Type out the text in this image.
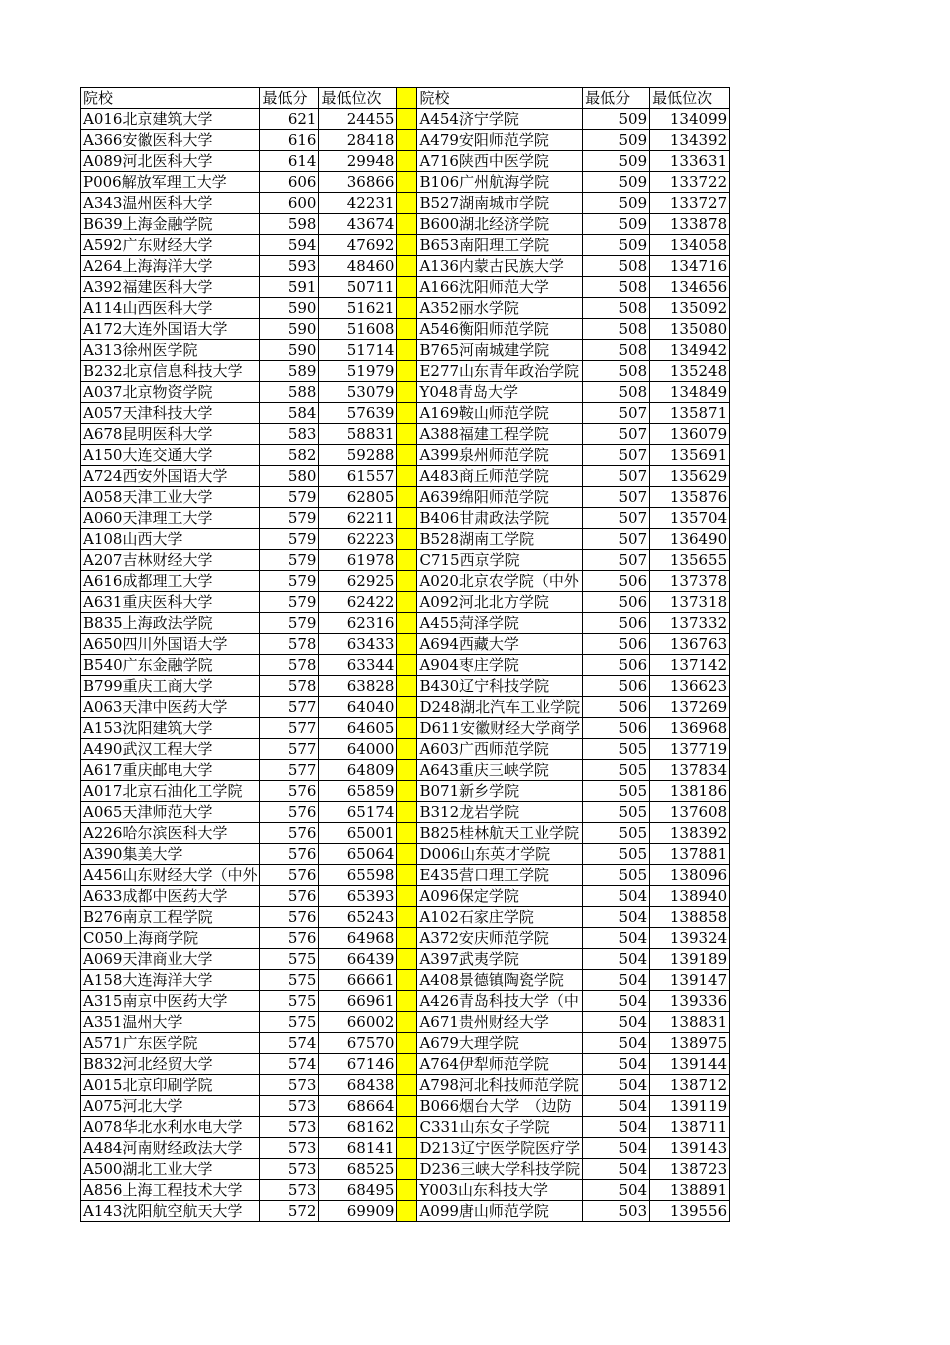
院校	最低分	最低位次		院校	最低分	最低位次
A016北京建筑大学	621	24455		A454济宁学院	509	134099
A366安徽医科大学	616	28418		A479安阳师范学院	509	134392
A089河北医科大学	614	29948		A716陕西中医学院	509	133631
P006解放军理工大学	606	36866		B106广州航海学院	509	133722
A343温州医科大学	600	42231		B527湖南城市学院	509	133727
B639上海金融学院	598	43674		B600湖北经济学院	509	133878
A592广东财经大学	594	47692		B653南阳理工学院	509	134058
A264上海海洋大学	593	48460		A136内蒙古民族大学	508	134716
A392福建医科大学	591	50711		A166沈阳师范大学	508	134656
A114山西医科大学	590	51621		A352丽水学院	508	135092
A172大连外国语大学	590	51608		A546衡阳师范学院	508	135080
A313徐州医学院	590	51714		B765河南城建学院	508	134942
B232北京信息科技大学	589	51979		E277山东青年政治学院	508	135248
A037北京物资学院	588	53079		Y048青岛大学	508	134849
A057天津科技大学	584	57639		A169鞍山师范学院	507	135871
A678昆明医科大学	583	58831		A388福建工程学院	507	136079
A150大连交通大学	582	59288		A399泉州师范学院	507	135691
A724西安外国语大学	580	61557		A483商丘师范学院	507	135629
A058天津工业大学	579	62805		A639绵阳师范学院	507	135876
A060天津理工大学	579	62211		B406甘肃政法学院	507	135704
A108山西大学	579	62223		B528湖南工学院	507	136490
A207吉林财经大学	579	61978		C715西京学院	507	135655
A616成都理工大学	579	62925		A020北京农学院（中外	506	137378
A631重庆医科大学	579	62422		A092河北北方学院	506	137318
B835上海政法学院	579	62316		A455菏泽学院	506	137332
A650四川外国语大学	578	63433		A694西藏大学	506	136763
B540广东金融学院	578	63344		A904枣庄学院	506	137142
B799重庆工商大学	578	63828		B430辽宁科技学院	506	136623
A063天津中医药大学	577	64040		D248湖北汽车工业学院	506	137269
A153沈阳建筑大学	577	64605		D611安徽财经大学商学	506	136968
A490武汉工程大学	577	64000		A603广西师范学院	505	137719
A617重庆邮电大学	577	64809		A643重庆三峡学院	505	137834
A017北京石油化工学院	576	65859		B071新乡学院	505	138186
A065天津师范大学	576	65174		B312龙岩学院	505	137608
A226哈尔滨医科大学	576	65001		B825桂林航天工业学院	505	138392
A390集美大学	576	65064		D006山东英才学院	505	137881
A456山东财经大学（中外	576	65598		E435营口理工学院	505	138096
A633成都中医药大学	576	65393		A096保定学院	504	138940
B276南京工程学院	576	65243		A102石家庄学院	504	138858
C050上海商学院	576	64968		A372安庆师范学院	504	139324
A069天津商业大学	575	66439		A397武夷学院	504	139189
A158大连海洋大学	575	66661		A408景德镇陶瓷学院	504	139147
A315南京中医药大学	575	66961		A426青岛科技大学（中	504	139336
A351温州大学	575	66002		A671贵州财经大学	504	138831
A571广东医学院	574	67570		A679大理学院	504	138975
B832河北经贸大学	574	67146		A764伊犁师范学院	504	139144
A015北京印刷学院	573	68438		A798河北科技师范学院	504	138712
A075河北大学	573	68664		B066烟台大学　（边防	504	139119
A078华北水利水电大学	573	68162		C331山东女子学院	504	138711
A484河南财经政法大学	573	68141		D213辽宁医学院医疗学	504	139143
A500湖北工业大学	573	68525		D236三峡大学科技学院	504	138723
A856上海工程技术大学	573	68495		Y003山东科技大学	504	138891
A143沈阳航空航天大学	572	69909		A099唐山师范学院	503	139556
